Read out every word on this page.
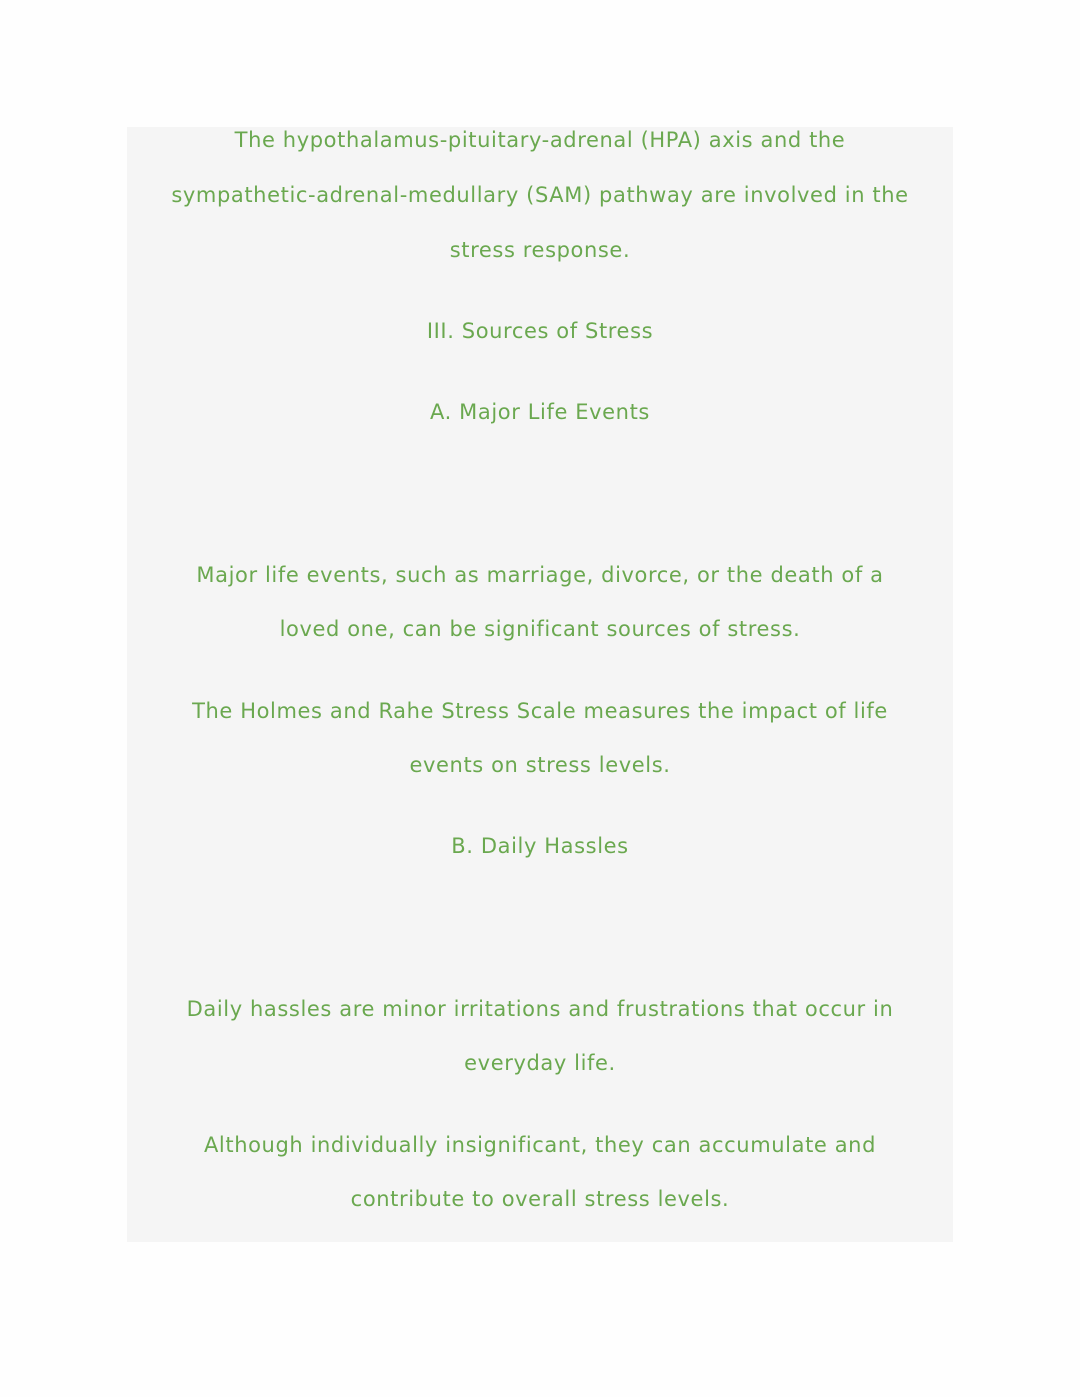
The hypothalamus-pituitary-adrenal (HPA) axis and the
sympathetic-adrenal-medullary (SAM) pathway are involved in the
stress response.
III. Sources of Stress
A. Major Life Events
Major life events, such as marriage, divorce, or the death of a
loved one, can be significant sources of stress.
The Holmes and Rahe Stress Scale measures the impact of life
events on stress levels.
B. Daily Hassles
Daily hassles are minor irritations and frustrations that occur in
everyday life.
Although individually insignificant, they can accumulate and
contribute to overall stress levels.
